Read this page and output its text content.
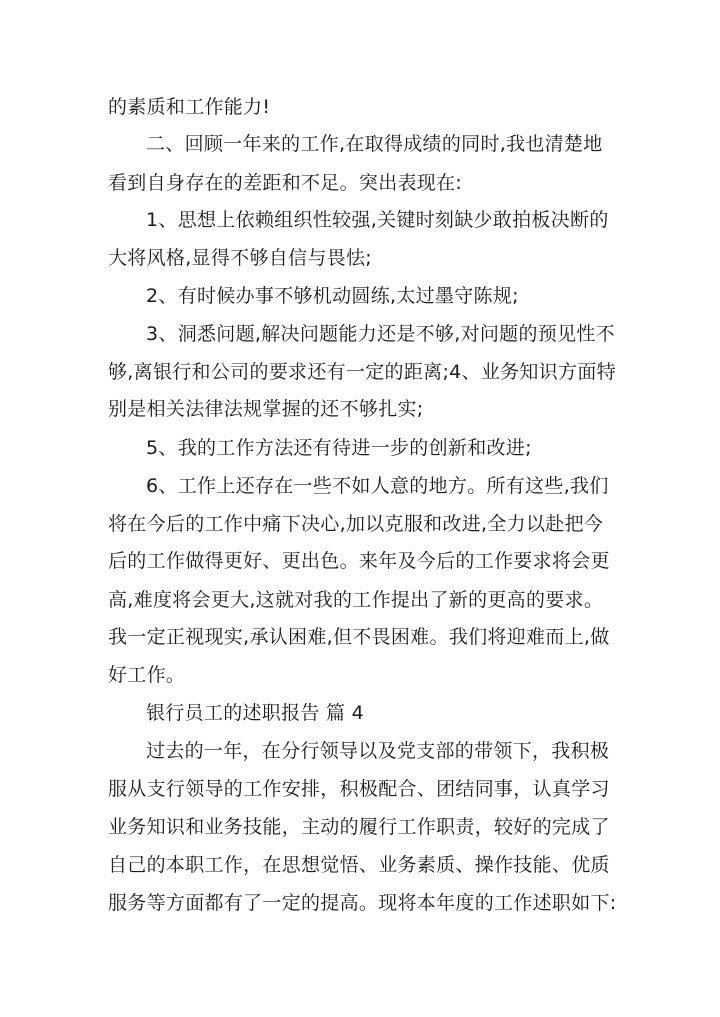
的素质和工作能力!
二、回顾一年来的工作,在取得成绩的同时,我也清楚地
看到自身存在的差距和不足。突出表现在:
1、思想上依赖组织性较强,关键时刻缺少敢拍板决断的
大将风格,显得不够自信与畏怯;
2、有时候办事不够机动圆练,太过墨守陈规;
3、洞悉问题,解决问题能力还是不够,对问题的预见性不
够,离银行和公司的要求还有一定的距离;4、业务知识方面特
别是相关法律法规掌握的还不够扎实;
5、我的工作方法还有待进一步的创新和改进;
6、工作上还存在一些不如人意的地方。所有这些,我们
将在今后的工作中痛下决心,加以克服和改进,全力以赴把今
后的工作做得更好、更出色。来年及今后的工作要求将会更
高,难度将会更大,这就对我的工作提出了新的更高的要求。
我一定正视现实,承认困难,但不畏困难。我们将迎难而上,做
好工作。
银行员工的述职报告 篇 4
过去的一年，在分行领导以及党支部的带领下，我积极
服从支行领导的工作安排，积极配合、团结同事，认真学习
业务知识和业务技能，主动的履行工作职责，较好的完成了
自己的本职工作，在思想觉悟、业务素质、操作技能、优质
服务等方面都有了一定的提高。现将本年度的工作述职如下:
